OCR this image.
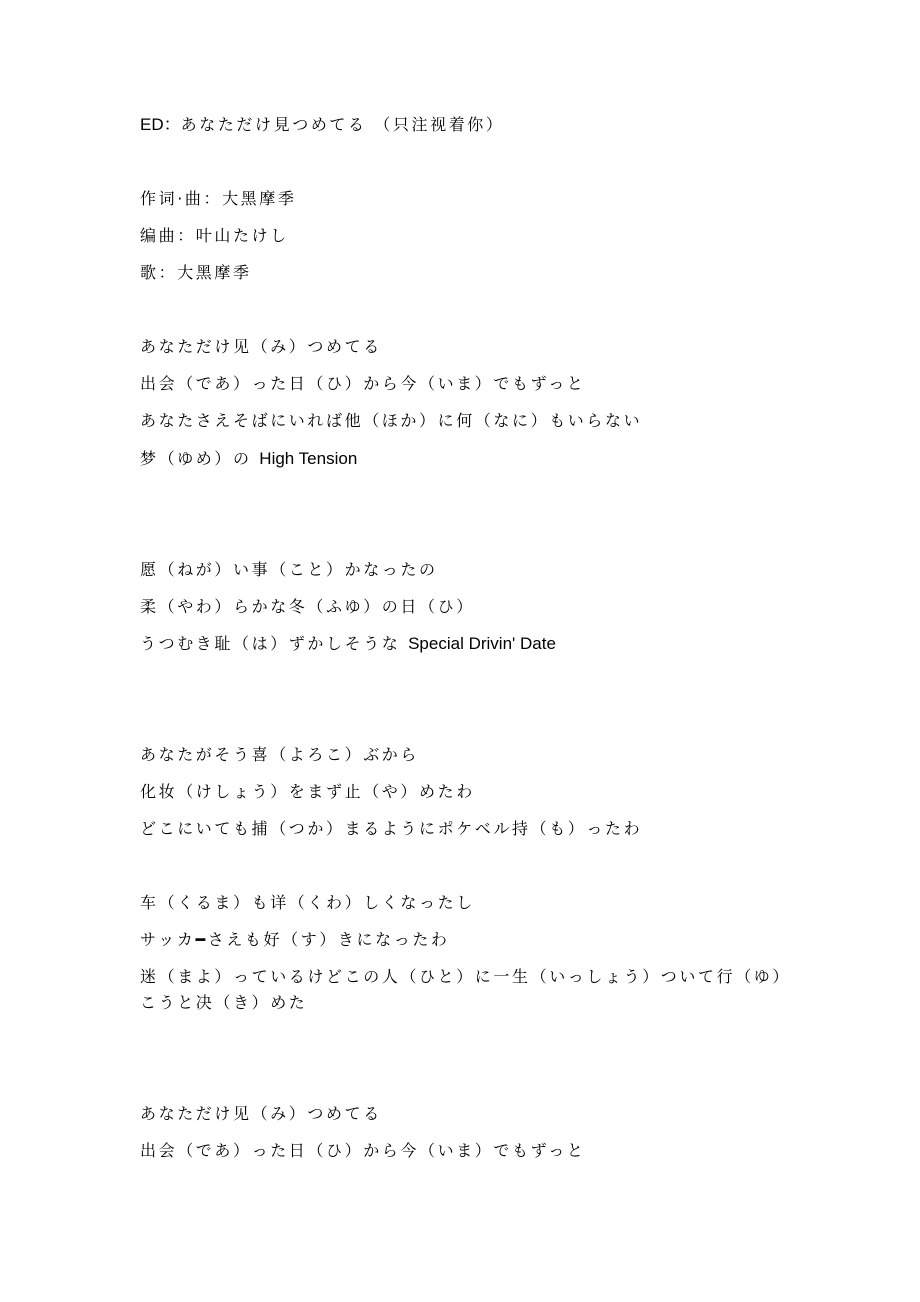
ED：あなただけ見つめてる （只注视着你）
作词·曲：大黑摩季
编曲：叶山たけし
歌：大黑摩季
あなただけ见（み）つめてる
出会（であ）った日（ひ）から今（いま）でもずっと
あなたさえそばにいれば他（ほか）に何（なに）もいらない
梦（ゆめ）の High Tension
愿（ねが）い事（こと）かなったの
柔（やわ）らかな冬（ふゆ）の日（ひ）
うつむき耻（は）ずかしそうな Special Drivin' Date
あなたがそう喜（よろこ）ぶから
化妆（けしょう）をまず止（や）めたわ
どこにいても捕（つか）まるようにポケベル持（も）ったわ
车（くるま）も详（くわ）しくなったし
サッカ━さえも好（す）きになったわ
迷（まよ）っているけどこの人（ひと）に一生（いっしょう）ついて行（ゆ）こうと决（き）めた
あなただけ见（み）つめてる
出会（であ）った日（ひ）から今（いま）でもずっと
